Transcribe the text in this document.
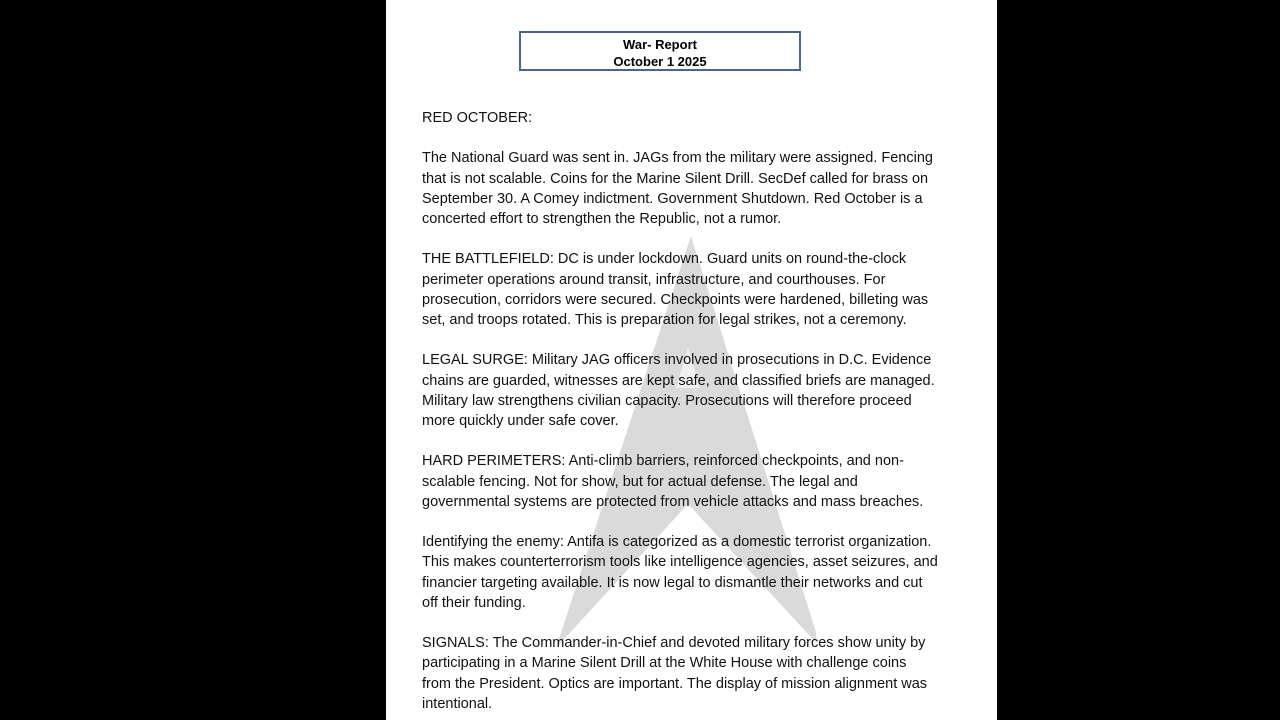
War- Report
October 1 2025

RED OCTOBER:

The National Guard was sent in. JAGs from the military were assigned. Fencing
that is not scalable. Coins for the Marine Silent Drill. SecDef called for brass on
September 30. A Comey indictment. Government Shutdown. Red October is a
concerted effort to strengthen the Republic, not a rumor.

THE BATTLEFIELD: DC is under lockdown. Guard units on round-the-clock
perimeter operations around transit, infrastructure, and courthouses. For
prosecution, corridors were secured. Checkpoints were hardened, billeting was
set, and troops rotated. This is preparation for legal strikes, not a ceremony.

LEGAL SURGE: Military JAG officers involved in prosecutions in D.C. Evidence
chains are guarded, witnesses are kept safe, and classified briefs are managed.
Military law strengthens civilian capacity. Prosecutions will therefore proceed
more quickly under safe cover.

HARD PERIMETERS: Anti-climb barriers, reinforced checkpoints, and non-
scalable fencing. Not for show, but for actual defense. The legal and
governmental systems are protected from vehicle attacks and mass breaches.

Identifying the enemy: Antifa is categorized as a domestic terrorist organization.
This makes counterterrorism tools like intelligence agencies, asset seizures, and
financier targeting available. It is now legal to dismantle their networks and cut
off their funding.

SIGNALS: The Commander-in-Chief and devoted military forces show unity by
participating in a Marine Silent Drill at the White House with challenge coins
from the President. Optics are important. The display of mission alignment was
intentional.
